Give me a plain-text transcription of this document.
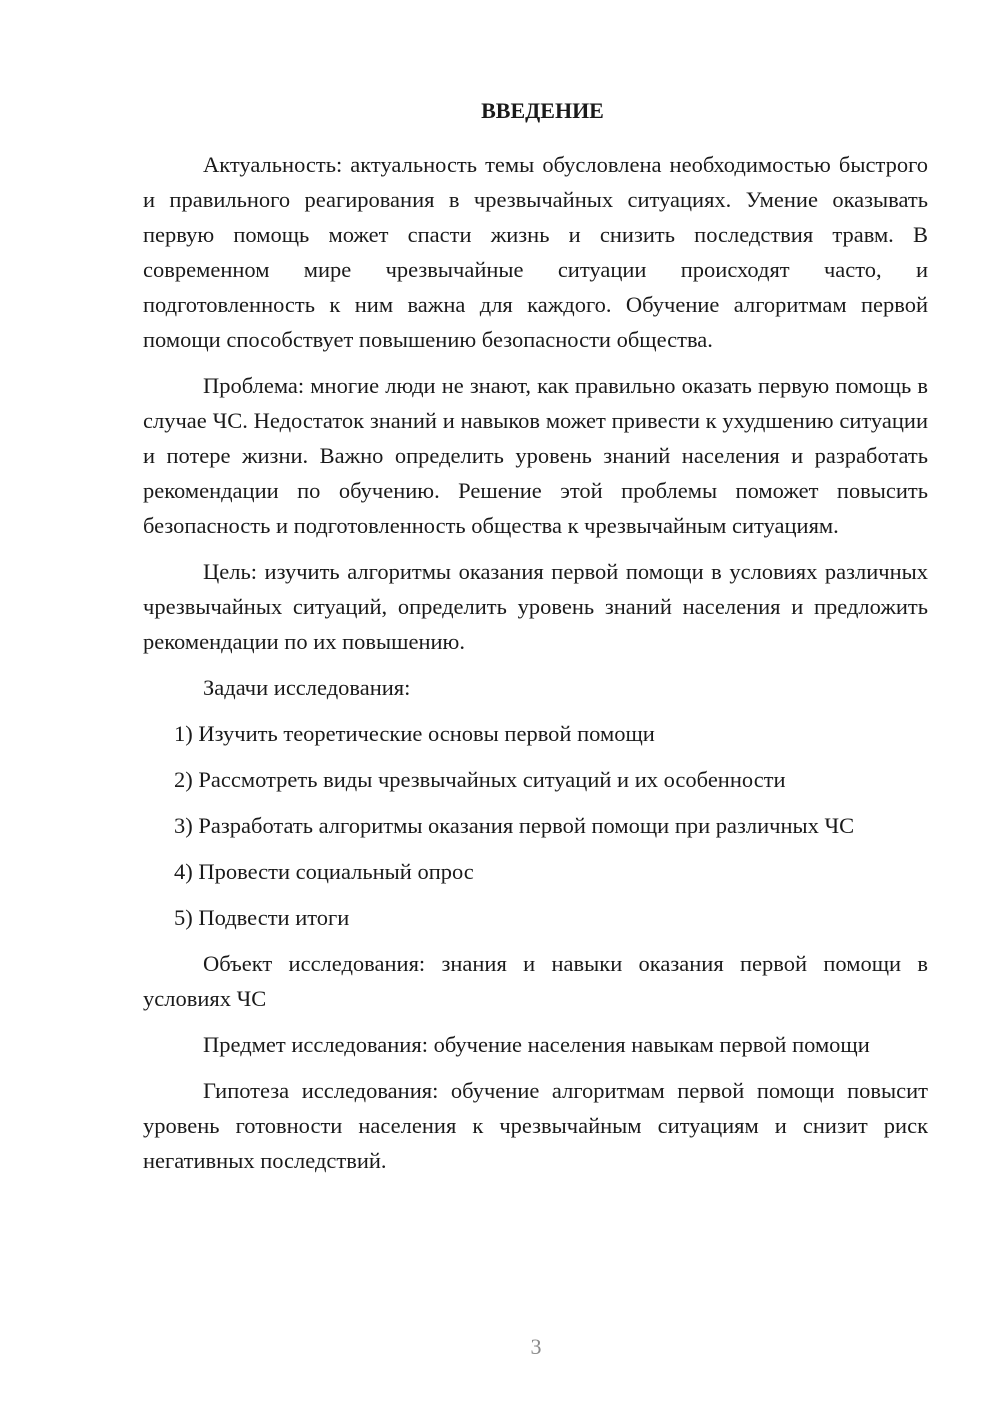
ВВЕДЕНИЕ

Актуальность: актуальность темы обусловлена необходимостью быстрого и правильного реагирования в чрезвычайных ситуациях. Умение оказывать первую помощь может спасти жизнь и снизить последствия травм. В современном мире чрезвычайные ситуации происходят часто, и подготовленность к ним важна для каждого. Обучение алгоритмам первой помощи способствует повышению безопасности общества.

Проблема: многие люди не знают, как правильно оказать первую помощь в случае ЧС. Недостаток знаний и навыков может привести к ухудшению ситуации и потере жизни. Важно определить уровень знаний населения и разработать рекомендации по обучению. Решение этой проблемы поможет повысить безопасность и подготовленность общества к чрезвычайным ситуациям.

Цель: изучить алгоритмы оказания первой помощи в условиях различных чрезвычайных ситуаций, определить уровень знаний населения и предложить рекомендации по их повышению.

Задачи исследования:

1) Изучить теоретические основы первой помощи

2) Рассмотреть виды чрезвычайных ситуаций и их особенности

3) Разработать алгоритмы оказания первой помощи при различных ЧС

4) Провести социальный опрос

5) Подвести итоги

Объект исследования: знания и навыки оказания первой помощи в условиях ЧС

Предмет исследования: обучение населения навыкам первой помощи

Гипотеза исследования: обучение алгоритмам первой помощи повысит уровень готовности населения к чрезвычайным ситуациям и снизит риск негативных последствий.

3
